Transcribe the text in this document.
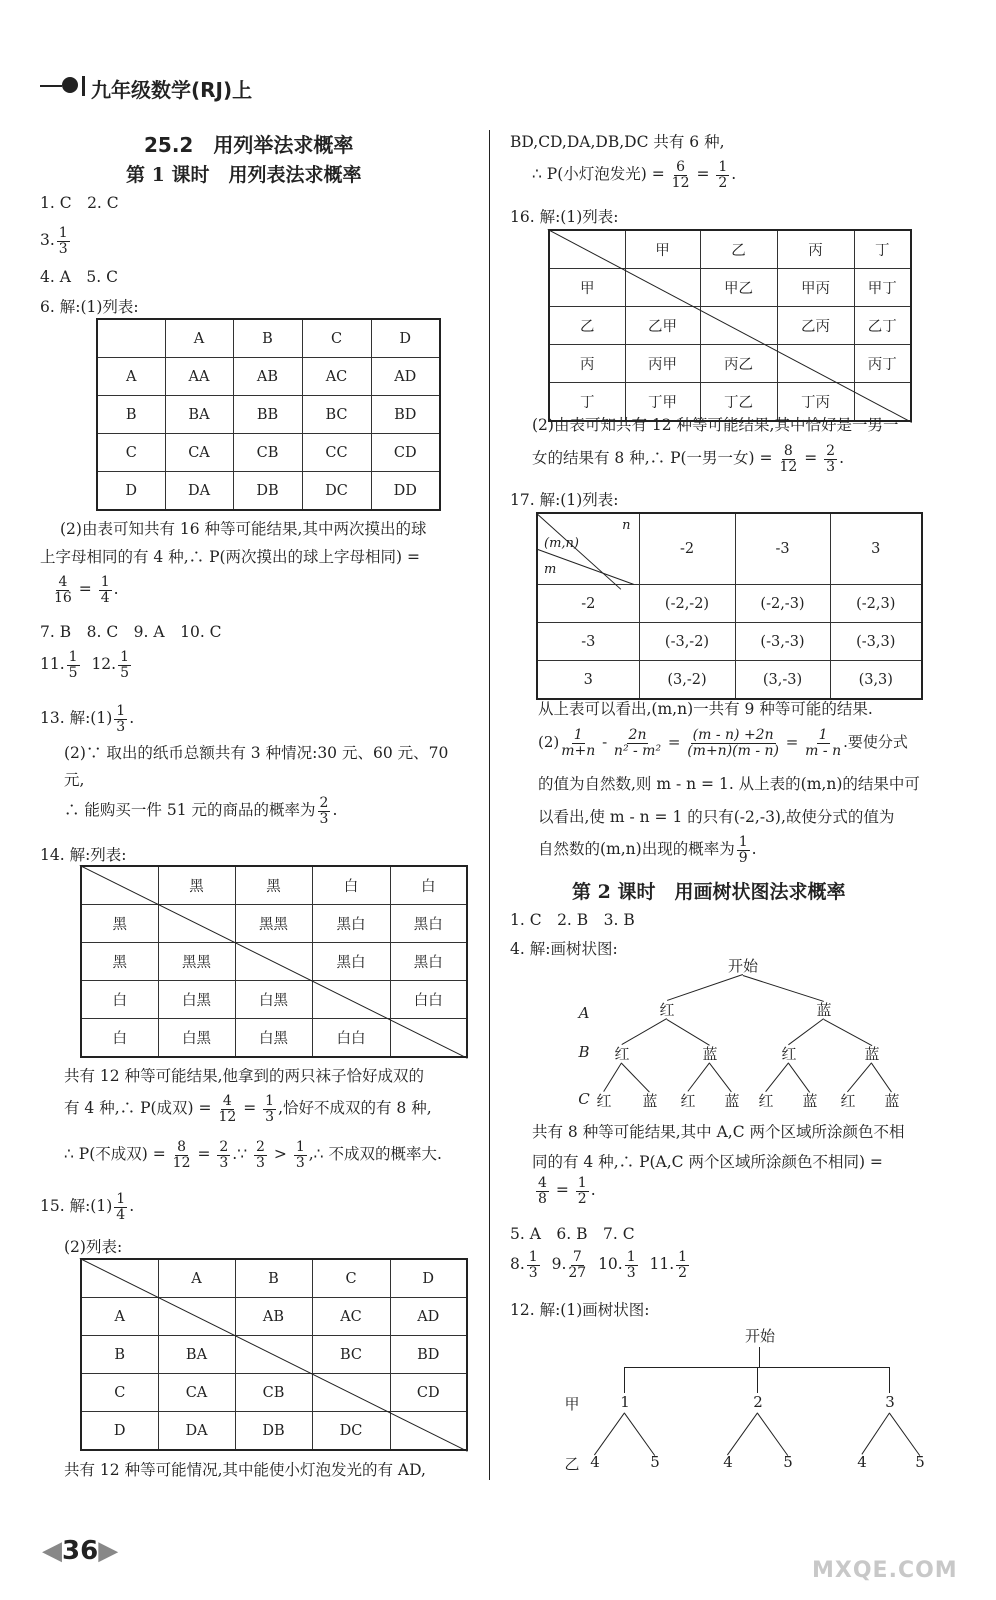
九年级数学(RJ)上
25.2　用列举法求概率
第 1 课时　用列表法求概率
1. C　2. C
3. $\frac{1}{3}$
4. A　5. C
6. 解:(1)列表:
	A	B	C	D
A	AA	AB	AC	AD
B	BA	BB	BC	BD
C	CA	CB	CC	CD
D	DA	DB	DC	DD
(2)由表可知共有 16 种等可能结果,其中两次摸出的球
上字母相同的有 4 种,∴ P(两次摸出的球上字母相同) =
$\frac{4}{16} = \frac{1}{4}$ .
7. B　8. C　9. A　10. C
11. $\frac{1}{5} 12$. $\frac{1}{5}$
13. 解:(1) $\frac{1}{3}$ .
(2)∵ 取出的纸币总额共有 3 种情况:30 元、60 元、70
元,
∴ 能购买一件 51 元的商品的概率为 $\frac{2}{3}$ .
14. 解:列表:
	黑	黑	白	白
黑		黑黑	黑白	黑白
黑	黑黑		黑白	黑白
白	白黑	白黑		白白
白	白黑	白黑	白白	
共有 12 种等可能结果,他拿到的两只袜子恰好成双的
有 4 种,∴ P(成双) = $\frac{4}{12} = \frac{1}{3}$ ,恰好不成双的有 8 种,
∴ P(不成双) = $\frac{8}{12} = \frac{2}{3}$ .∵ $\frac{2}{3} > \frac{1}{3}$ ,∴ 不成双的概率大.
15. 解:(1) $\frac{1}{4}$ .
(2)列表:
	A	B	C	D
A		AB	AC	AD
B	BA		BC	BD
C	CA	CB		CD
D	DA	DB	DC	
共有 12 种等可能情况,其中能使小灯泡发光的有 AD,
◀36▶
MXQE.COM
BD,CD,DA,DB,DC 共有 6 种,
∴ P(小灯泡发光) = $\frac{6}{12} = \frac{1}{2}$ .
16. 解:(1)列表:
	甲	乙	丙	丁
甲		甲乙	甲丙	甲丁
乙	乙甲		乙丙	乙丁
丙	丙甲	丙乙		丙丁
丁	丁甲	丁乙	丁丙	
(2)由表可知共有 12 种等可能结果,其中恰好是一男一
女的结果有 8 种,∴ P(一男一女) = $\frac{8}{12} = \frac{2}{3}$ .
17. 解:(1)列表:
n
(m,n)
m	-2	-3	3
-2	(-2,-2)	(-2,-3)	(-2,3)
-3	(-3,-2)	(-3,-3)	(-3,3)
3	(3,-2)	(3,-3)	(3,3)
从上表可以看出,(m,n)一共有 9 种等可能的结果.
$(2) \frac{1}{m+n} - \frac{2n}{\text{n² - m²}} = \frac{(m - n) +2n}{(m+n)(m - n)} = \frac{1}{m - n}$ .要使分式
的值为自然数,则 m - n = 1. 从上表的(m,n)的结果中可
以看出,使 m - n = 1 的只有(-2,-3),故使分式的值为
自然数的(m,n)出现的概率为 $\frac{1}{9}$ .
第 2 课时　用画树状图法求概率
1. C　2. B　3. B
4. 解:画树状图:
开始
红	蓝
红	蓝	红	蓝
红 蓝 红 蓝 红 蓝 红 蓝
A
B
C
共有 8 种等可能结果,其中 A,C 两个区域所涂颜色不相
同的有 4 种,∴ P(A,C 两个区域所涂颜色不相同) =
$\frac{4}{8} = \frac{1}{2}$ .
5. A　6. B　7. C
8. $\frac{1}{3} 9$. $\frac{7}{27} 10$. $\frac{1}{3} 11$. $\frac{1}{2}$
12. 解:(1)画树状图:
开始
1	2	3
4	5	4	5	4	5
甲
乙
